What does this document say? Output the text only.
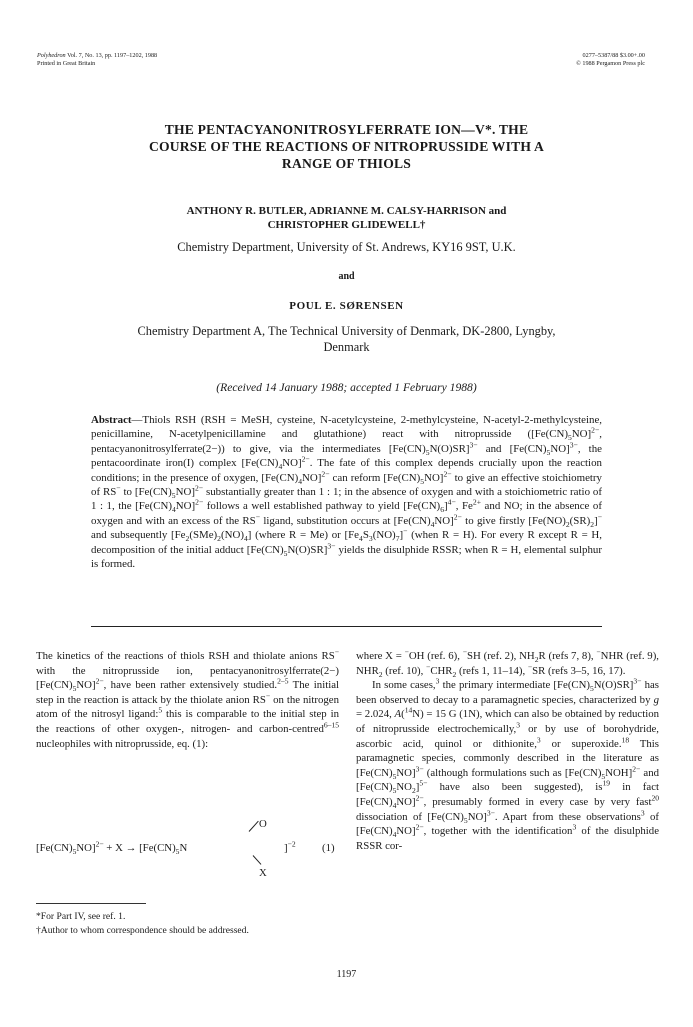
Polyhedron Vol. 7, No. 13, pp. 1197–1202, 1988
Printed in Great Britain
0277–5387/88 $3.00+.00
© 1988 Pergamon Press plc
THE PENTACYANONITROSYLFERRATE ION—V*. THE
COURSE OF THE REACTIONS OF NITROPRUSSIDE WITH A
RANGE OF THIOLS
ANTHONY R. BUTLER, ADRIANNE M. CALSY-HARRISON and
CHRISTOPHER GLIDEWELL†
Chemistry Department, University of St. Andrews, KY16 9ST, U.K.
and
POUL E. SØRENSEN
Chemistry Department A, The Technical University of Denmark, DK-2800, Lyngby,
Denmark
(Received 14 January 1988; accepted 1 February 1988)
Abstract—Thiols RSH (RSH = MeSH, cysteine, N-acetylcysteine, 2-methylcysteine, N-acetyl-2-methylcysteine, penicillamine, N-acetylpenicillamine and glutathione) react with nitroprusside ($[Fe(CN)_5NO]^{2-}$, pentacyanonitrosylferrate(2−)) to give, via the intermediates $[Fe(CN)_5N(O)SR]^{3-}$ and $[Fe(CN)_5NO]^{3-}$, the pentacoordinate iron(I) complex $[Fe(CN)_4NO]^{2-}$. The fate of this complex depends crucially upon the reaction conditions; in the presence of oxygen, $[Fe(CN)_4NO]^{2-}$ can reform $[Fe(CN)_5NO]^{2-}$ to give an effective stoichiometry of RS− to $[Fe(CN)_5NO]^{2-}$ substantially greater than 1 : 1; in the absence of oxygen and with a stoichiometric ratio of 1 : 1, the $[Fe(CN)_4NO]^{2-}$ follows a well established pathway to yield $[Fe(CN)_6]^{4-}$, $Fe^{2+}$ and NO; in the absence of oxygen and with an excess of the RS− ligand, substitution occurs at $[Fe(CN)_4NO]^{2-}$ to give firstly $[Fe(NO)_2(SR)_2]^-$ and subsequently $[Fe_2(SMe)_2(NO)_4]$ (where R = Me) or $[Fe_4S_3(NO)_7]^-$ (when R = H). For every R except R = H, decomposition of the initial adduct $[Fe(CN)_5N(O)SR]^{3-}$ yields the disulphide RSSR; when R = H, elemental sulphur is formed.

The kinetics of the reactions of thiols RSH and thiolate anions RS− with the nitroprusside ion, pentacyanonitrosylferrate(2−) $[Fe(CN)_5NO]^{2-}$, have been rather extensively studied.$^{2-5}$ The initial step in the reaction is attack by the thiolate anion RS− on the nitrogen atom of the nitrosyl ligand:$^5$ this is comparable to the initial step in the reactions of other oxygen-, nitrogen- and carbon-centred$^{6-15}$ nucleophiles with nitroprusside, eq. (1):

O
$[Fe(CN)_5NO]^{2-} + X \to [Fe(CN)_5N$	]$^{-2}$
X
(1)
*For Part IV, see ref. 1.
†Author to whom correspondence should be addressed.

where X = −OH (ref. 6), −SH (ref. 2), $NH_2R$ (refs 7, 8), −NHR (ref. 9), $NHR_2$ (ref. 10), $^-CHR_2$ (refs 1, 11–14), −SR (refs 3–5, 16, 17).

In some cases,$^3$ the primary intermediate $[Fe(CN)_5N(O)SR]^{3-}$ has been observed to decay to a paramagnetic species, characterized by g = 2.024, A($^{14}$N) = 15 G (1N), which can also be obtained by reduction of nitroprusside electrochemically,$^3$ or by use of borohydride, ascorbic acid, quinol or dithionite,$^3$ or superoxide.$^{18}$ This paramagnetic species, commonly described in the literature as $[Fe(CN)_5NO]^{3-}$ (although formulations such as $[Fe(CN)_5NOH]^{2-}$ and $[Fe(CN)_5NO_2]^{5-}$ have also been suggested), $is^{19}$ in fact $[Fe(CN)_4NO]^{2-}$, presumably formed in every case by very fast$^{20}$ dissociation of $[Fe(CN)_5NO]^{3-}$. Apart from these observations$^3$ of $[Fe(CN)_4NO]^{2-}$, together with the identification$^3$ of the disulphide RSSR cor-

1197
